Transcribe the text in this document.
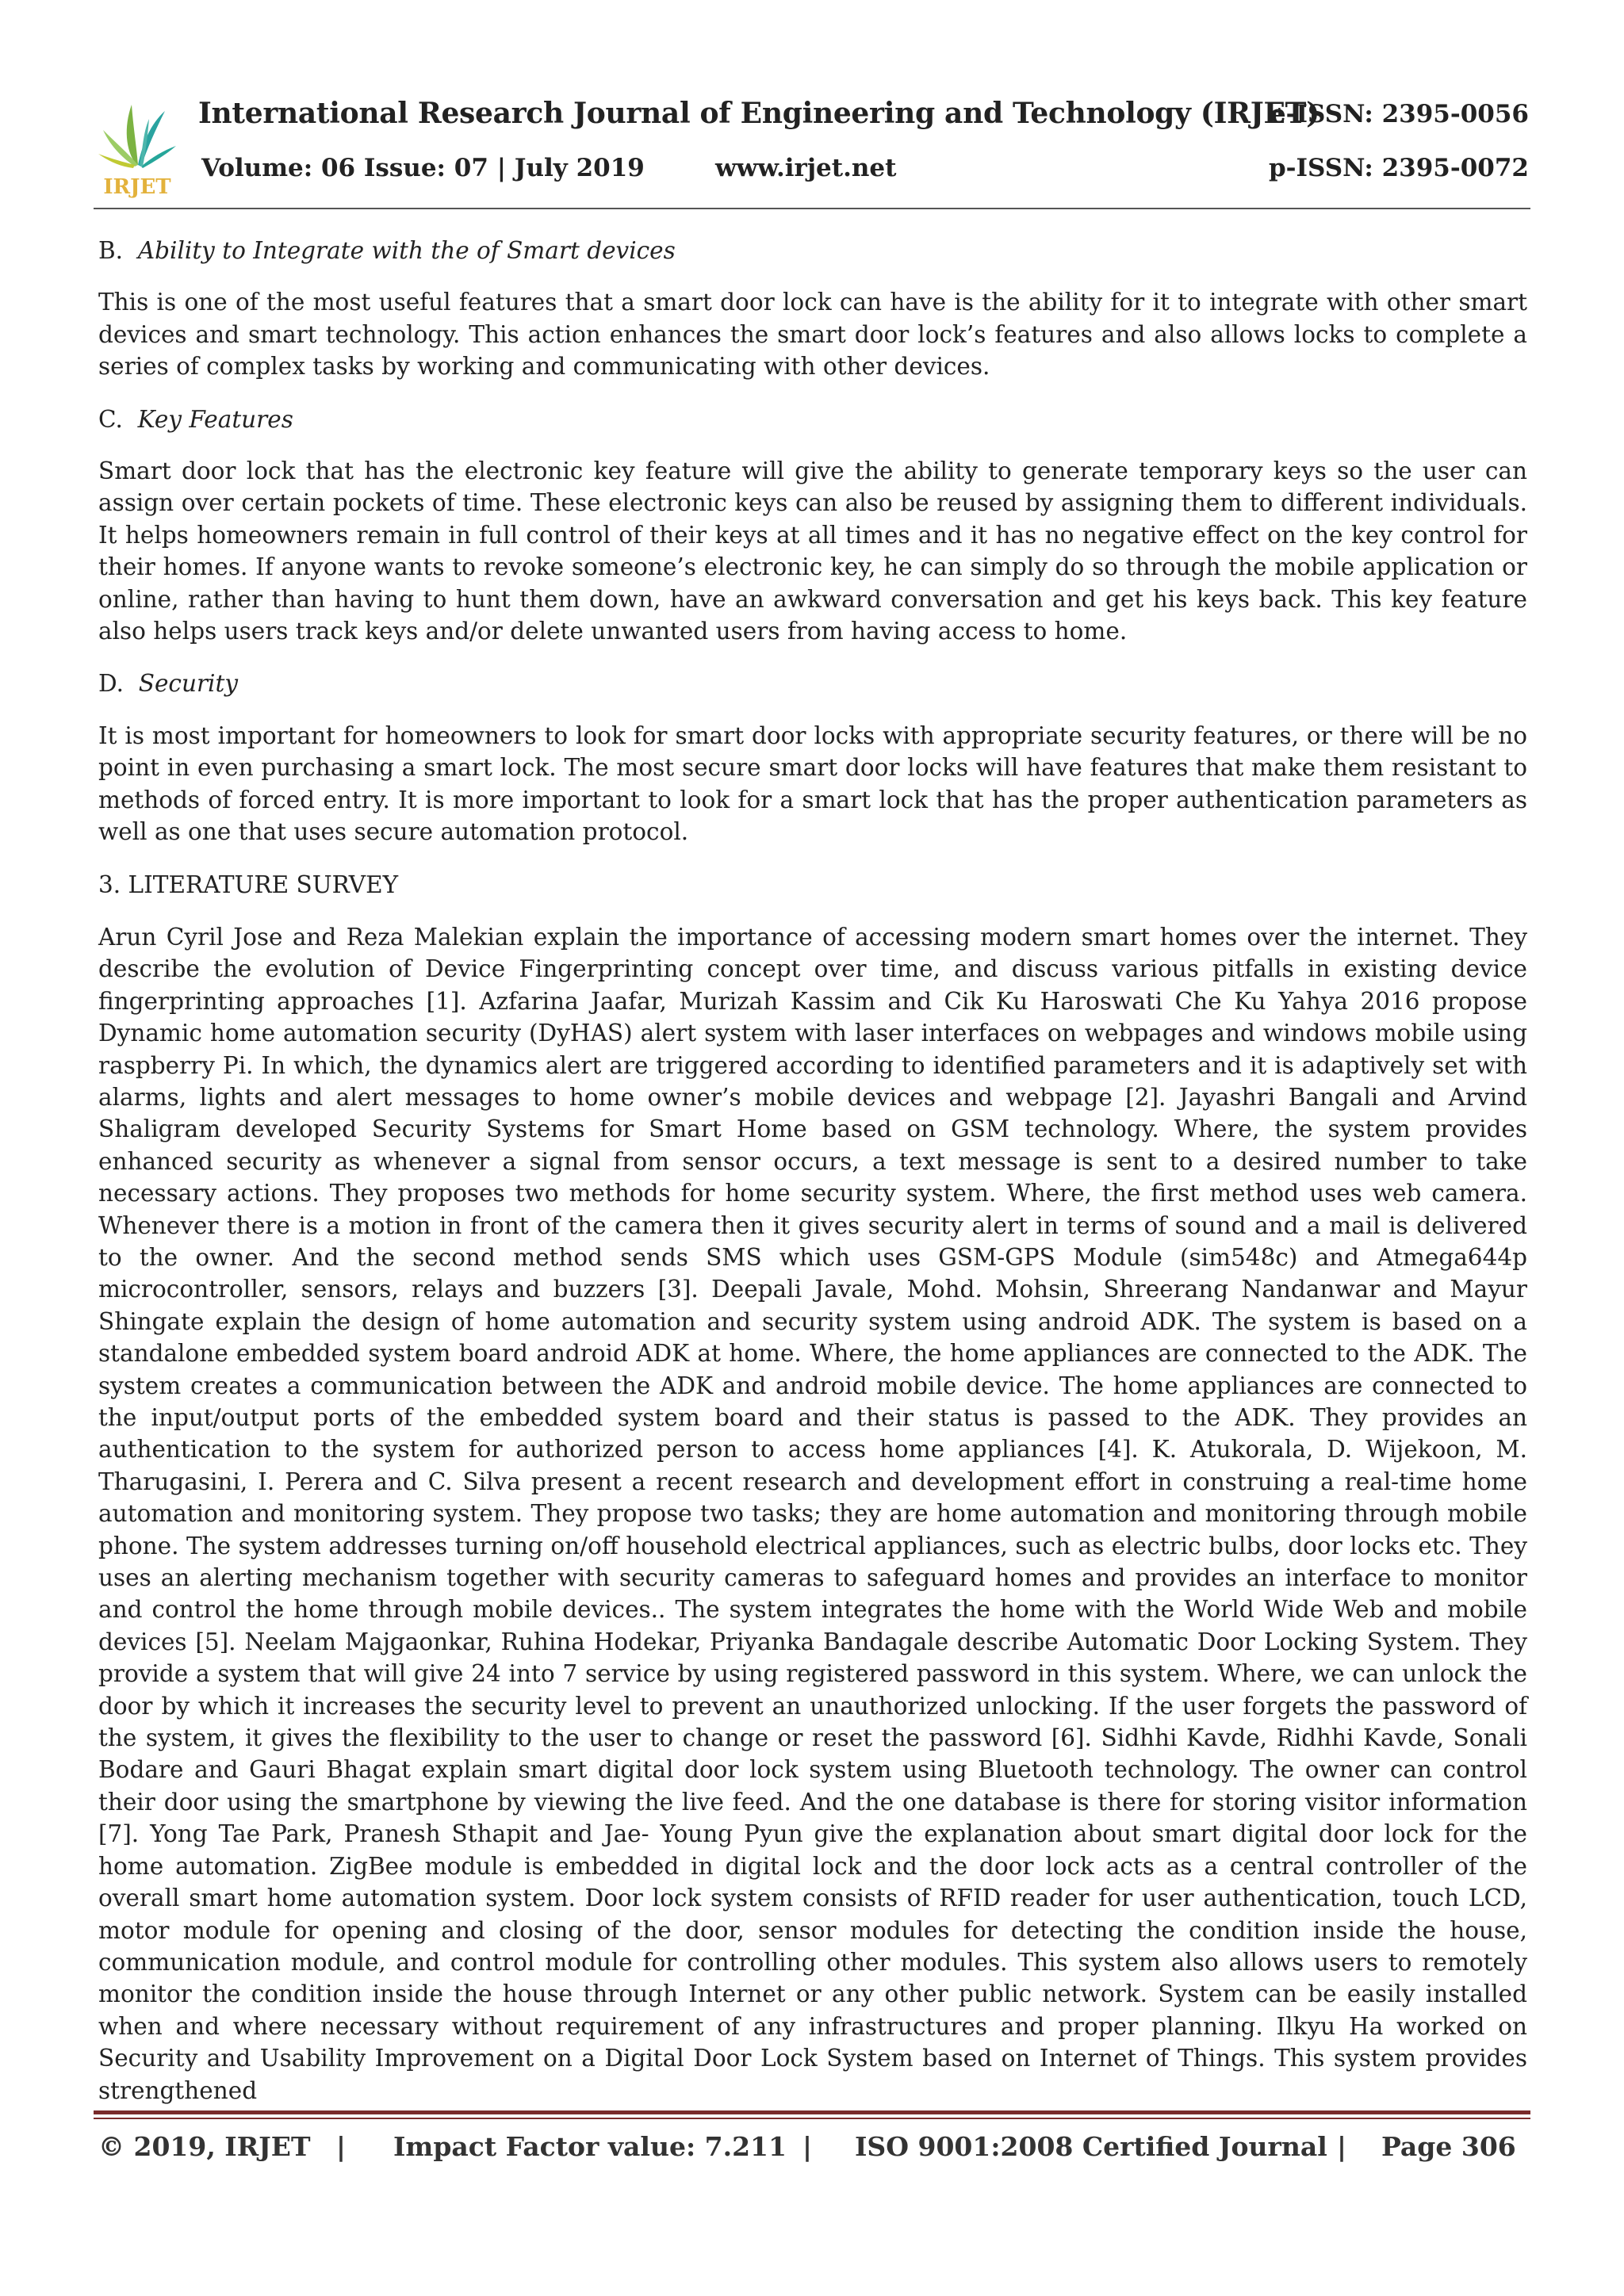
IRJET
International Research Journal of Engineering and Technology (IRJET)
e-ISSN: 2395-0056
Volume: 06 Issue: 07 | July 2019	www.irjet.net	p-ISSN: 2395-0072
B. Ability to Integrate with the of Smart devices

This is one of the most useful features that a smart door lock can have is the ability for it to integrate with other smart devices and smart technology. This action enhances the smart door lock’s features and also allows locks to complete a series of complex tasks by working and communicating with other devices.

C. Key Features

Smart door lock that has the electronic key feature will give the ability to generate temporary keys so the user can assign over certain pockets of time. These electronic keys can also be reused by assigning them to different individuals. It helps homeowners remain in full control of their keys at all times and it has no negative effect on the key control for their homes. If anyone wants to revoke someone’s electronic key, he can simply do so through the mobile application or online, rather than having to hunt them down, have an awkward conversation and get his keys back. This key feature also helps users track keys and/or delete unwanted users from having access to home.

D. Security

It is most important for homeowners to look for smart door locks with appropriate security features, or there will be no point in even purchasing a smart lock. The most secure smart door locks will have features that make them resistant to methods of forced entry. It is more important to look for a smart lock that has the proper authentication parameters as well as one that uses secure automation protocol.

3. LITERATURE SURVEY

Arun Cyril Jose and Reza Malekian explain the importance of accessing modern smart homes over the internet. They describe the evolution of Device Fingerprinting concept over time, and discuss various pitfalls in existing device fingerprinting approaches [1]. Azfarina Jaafar, Murizah Kassim and Cik Ku Haroswati Che Ku Yahya 2016 propose Dynamic home automation security (DyHAS) alert system with laser interfaces on webpages and windows mobile using raspberry Pi. In which, the dynamics alert are triggered according to identified parameters and it is adaptively set with alarms, lights and alert messages to home owner’s mobile devices and webpage [2]. Jayashri Bangali and Arvind Shaligram developed Security Systems for Smart Home based on GSM technology. Where, the system provides enhanced security as whenever a signal from sensor occurs, a text message is sent to a desired number to take necessary actions. They proposes two methods for home security system. Where, the first method uses web camera. Whenever there is a motion in front of the camera then it gives security alert in terms of sound and a mail is delivered to the owner. And the second method sends SMS which uses GSM-GPS Module (sim548c) and Atmega644p microcontroller, sensors, relays and buzzers [3]. Deepali Javale, Mohd. Mohsin, Shreerang Nandanwar and Mayur Shingate explain the design of home automation and security system using android ADK. The system is based on a standalone embedded system board android ADK at home. Where, the home appliances are connected to the ADK. The system creates a communication between the ADK and android mobile device. The home appliances are connected to the input/output ports of the embedded system board and their status is passed to the ADK. They provides an authentication to the system for authorized person to access home appliances [4]. K. Atukorala, D. Wijekoon, M. Tharugasini, I. Perera and C. Silva present a recent research and development effort in construing a real-time home automation and monitoring system. They propose two tasks; they are home automation and monitoring through mobile phone. The system addresses turning on/off household electrical appliances, such as electric bulbs, door locks etc. They uses an alerting mechanism together with security cameras to safeguard homes and provides an interface to monitor and control the home through mobile devices.. The system integrates the home with the World Wide Web and mobile devices [5]. Neelam Majgaonkar, Ruhina Hodekar, Priyanka Bandagale describe Automatic Door Locking System. They provide a system that will give 24 into 7 service by using registered password in this system. Where, we can unlock the door by which it increases the security level to prevent an unauthorized unlocking. If the user forgets the password of the system, it gives the flexibility to the user to change or reset the password [6]. Sidhhi Kavde, Ridhhi Kavde, Sonali Bodare and Gauri Bhagat explain smart digital door lock system using Bluetooth technology. The owner can control their door using the smartphone by viewing the live feed. And the one database is there for storing visitor information [7]. Yong Tae Park, Pranesh Sthapit and Jae- Young Pyun give the explanation about smart digital door lock for the home automation. ZigBee module is embedded in digital lock and the door lock acts as a central controller of the overall smart home automation system. Door lock system consists of RFID reader for user authentication, touch LCD, motor module for opening and closing of the door, sensor modules for detecting the condition inside the house, communication module, and control module for controlling other modules. This system also allows users to remotely monitor the condition inside the house through Internet or any other public network. System can be easily installed when and where necessary without requirement of any infrastructures and proper planning. Ilkyu Ha worked on Security and Usability Improvement on a Digital Door Lock System based on Internet of Things. This system provides strengthened

© 2019, IRJET | Impact Factor value: 7.211 | ISO 9001:2008 Certified Journal | Page 306
